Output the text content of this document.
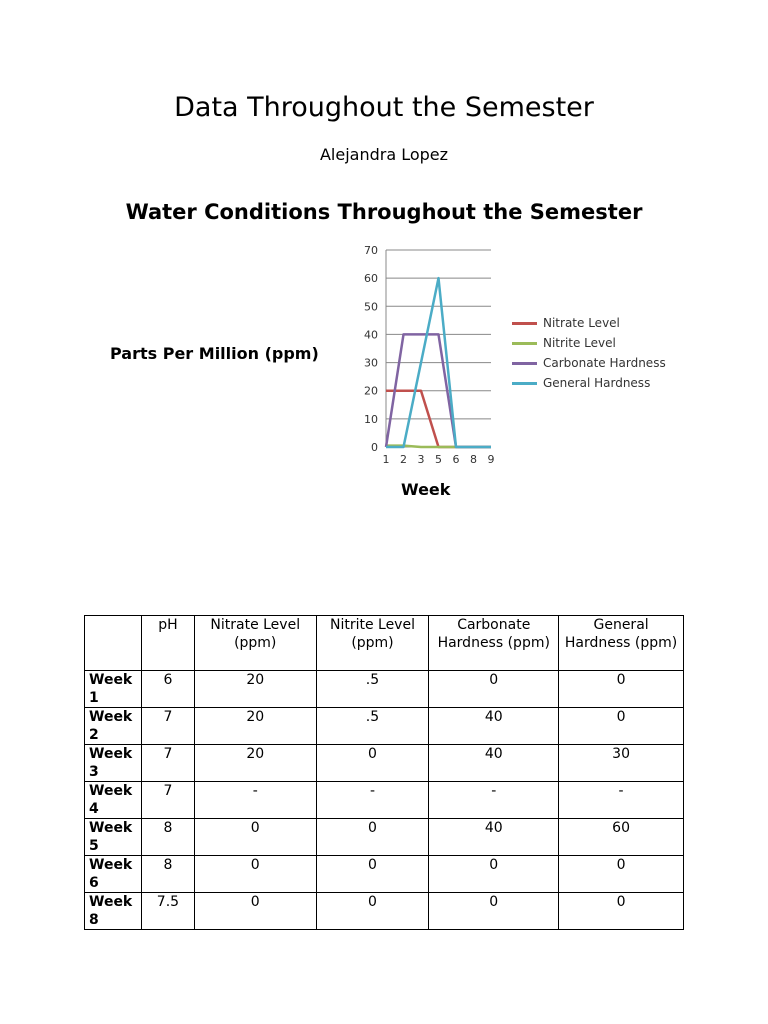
Data Throughout the Semester
Alejandra Lopez
Water Conditions Throughout the Semester
Parts Per Million (ppm)
Week
0
10
20
30
40
50
60
70
1 2 3 5 6 8 9
Nitrate Level
Nitrite Level
Carbonate Hardness
General Hardness
	pH	Nitrate Level (ppm)	Nitrite Level (ppm)	Carbonate Hardness (ppm)	General Hardness (ppm)
Week 1	6	20	.5	0	0
Week 2	7	20	.5	40	0
Week 3	7	20	0	40	30
Week 4	7	-	-	-	-
Week 5	8	0	0	40	60
Week 6	8	0	0	0	0
Week 8	7.5	0	0	0	0
